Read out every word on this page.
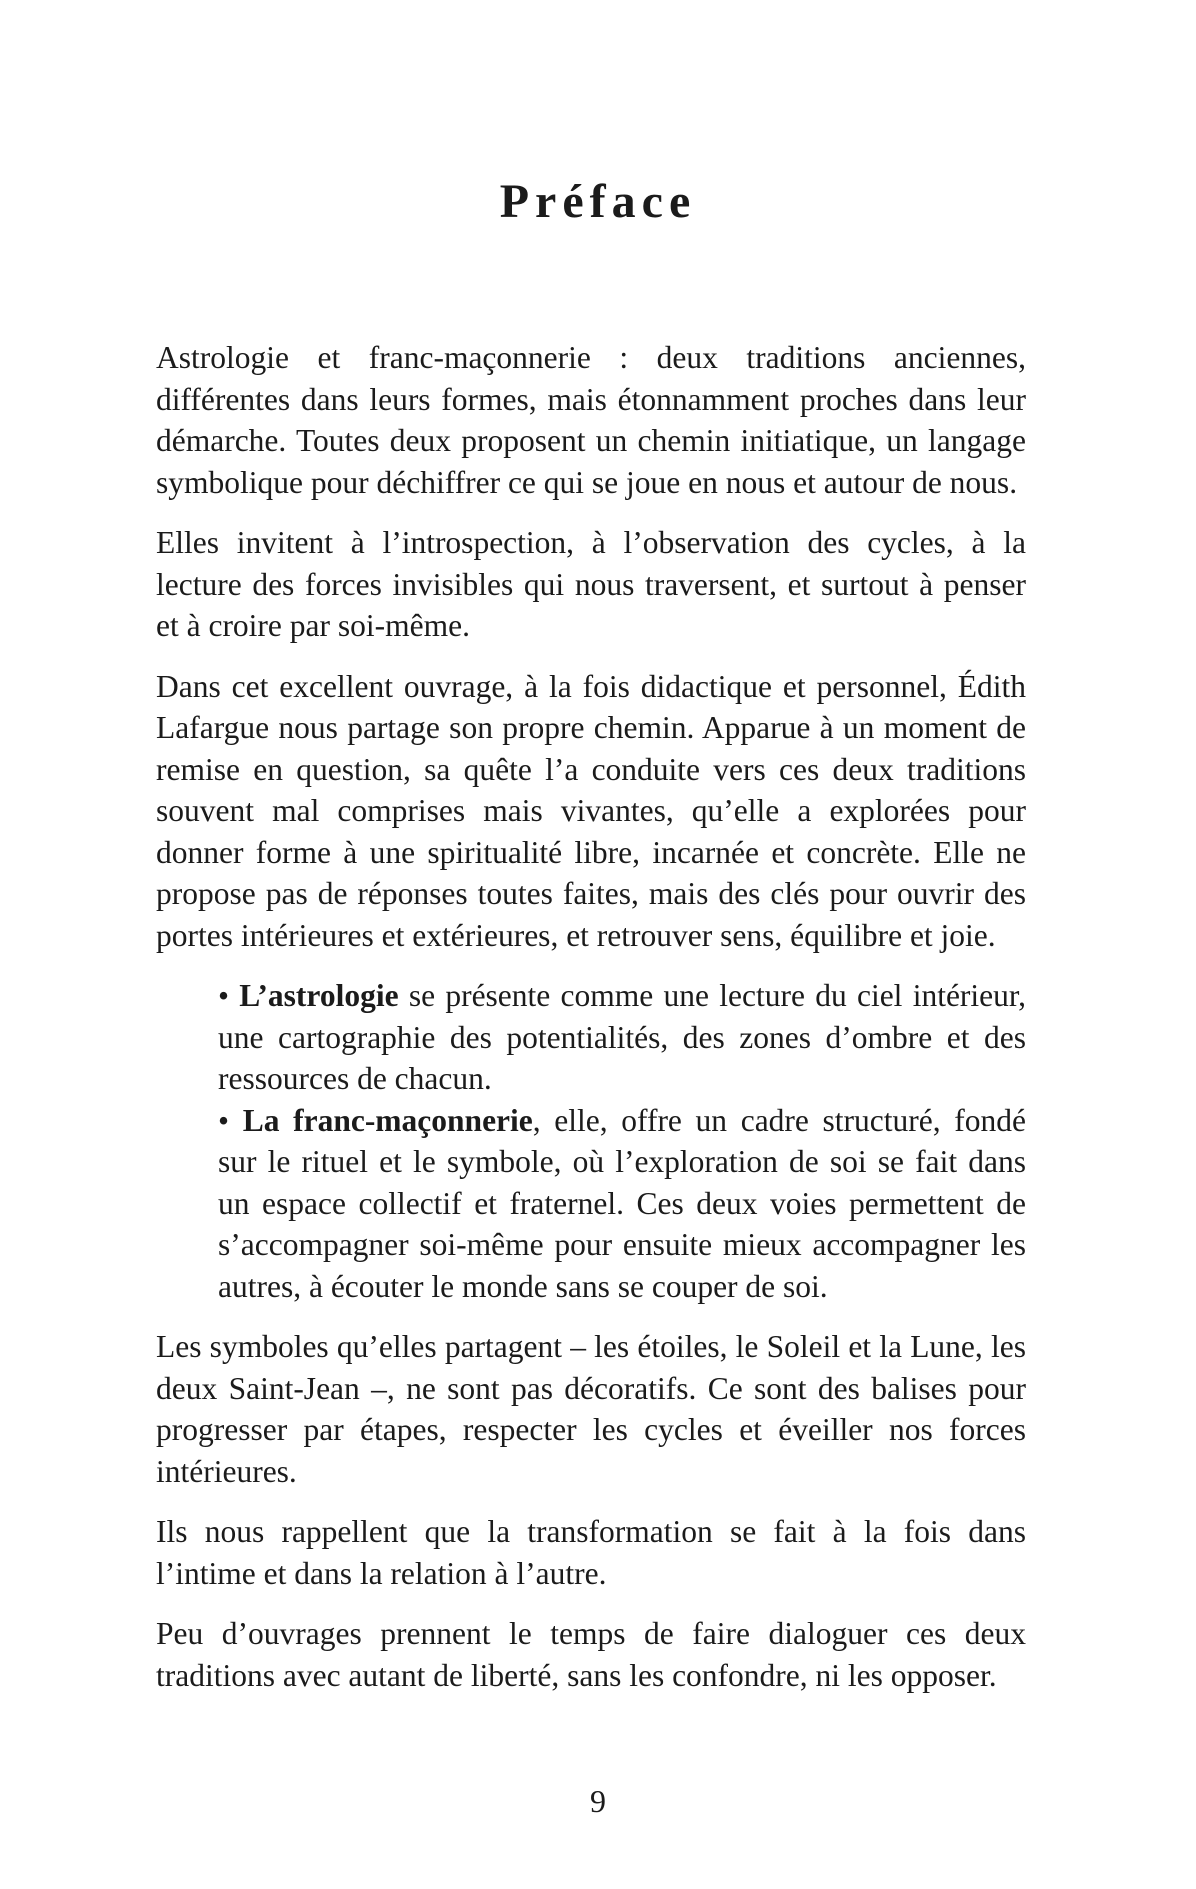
Préface

Astrologie et franc-maçonnerie : deux traditions anciennes, différentes dans leurs formes, mais étonnamment proches dans leur démarche. Toutes deux proposent un chemin initiatique, un langage symbolique pour déchiffrer ce qui se joue en nous et autour de nous.

Elles invitent à l’introspection, à l’observation des cycles, à la lecture des forces invisibles qui nous traversent, et surtout à penser et à croire par soi-même.

Dans cet excellent ouvrage, à la fois didactique et personnel, Édith Lafargue nous partage son propre chemin. Apparue à un moment de remise en question, sa quête l’a conduite vers ces deux traditions souvent mal comprises mais vivantes, qu’elle a explorées pour donner forme à une spiritualité libre, incarnée et concrète. Elle ne propose pas de réponses toutes faites, mais des clés pour ouvrir des portes intérieures et extérieures, et retrouver sens, équilibre et joie.

• L’astrologie se présente comme une lecture du ciel intérieur, une cartographie des potentialités, des zones d’ombre et des ressources de chacun.

• La franc-maçonnerie, elle, offre un cadre structuré, fondé sur le rituel et le symbole, où l’exploration de soi se fait dans un espace collectif et fraternel. Ces deux voies permettent de s’accompagner soi-même pour ensuite mieux accompagner les autres, à écouter le monde sans se couper de soi.

Les symboles qu’elles partagent – les étoiles, le Soleil et la Lune, les deux Saint-Jean –, ne sont pas décoratifs. Ce sont des balises pour progresser par étapes, respecter les cycles et éveiller nos forces intérieures.

Ils nous rappellent que la transformation se fait à la fois dans l’intime et dans la relation à l’autre.

Peu d’ouvrages prennent le temps de faire dialoguer ces deux traditions avec autant de liberté, sans les confondre, ni les opposer.

9
